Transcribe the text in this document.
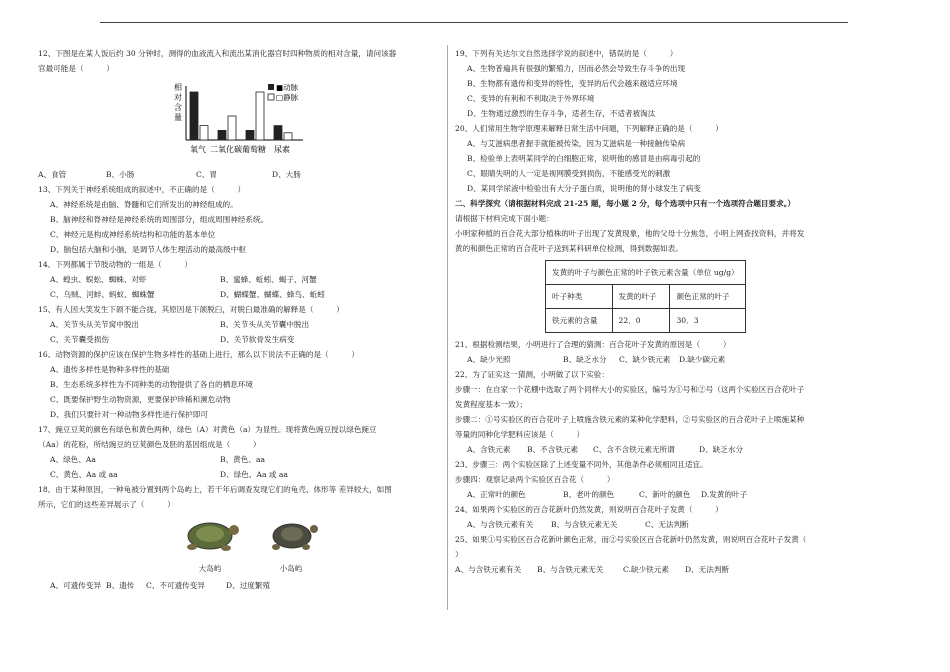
12、下图是在某人饭后约 30 分钟时，测得的血液流入和流出某消化器官时四种物质的相对含量，请问该器
官最可能是（　　　）
相
对
含
量
氧气 二氧化碳 葡萄糖 尿素
■动脉
□静脉
A、食管	B、小肠	C、胃	D、大肠
13、下列关于神经系统组成的叙述中，不正确的是（　　　）
A、神经系统是由脑、脊髓和它们所发出的神经组成的。
B、脑神经和脊神经是神经系统的周围部分，组成周围神经系统。
C、神经元是构成神经系统结构和功能的基本单位
D、脑包括大脑和小脑，是调节人体生理活动的最高级中枢
14、下列都属于节肢动物的一组是（　　　）
A、蝗虫、蜈蚣、蜘蛛、对虾	B、蜜蜂、蚯蚓、蝎子、河蟹
C、乌贼、河蚌、蚂蚁、蜘蛛蟹	D、蝴蝶蟹、蝴蝶、蜂鸟、蚯蚓
15、有人因大笑发生下颌不能合拢，其原因是下颌脱臼，对脱臼最准确的解释是（　　　）
A、关节头从关节窝中脱出	B、关节头从关节囊中脱出
C、关节囊受损伤	D、关节软骨发生病变
16、动物资源的保护应该在保护生物多样性的基础上进行，那么以下说法不正确的是（　　　）
A、遗传多样性是物种多样性的基础
B、生态系统多样性为不同种类的动物提供了各自的栖息环境
C、既要保护野生动物资源，更要保护珍稀和濒危动物
D、我们只要针对一种动物多样性进行保护即可
17、豌豆豆荚的颜色有绿色和黄色两种，绿色（A）对黄色（a）为显性。现将黄色豌豆授以绿色豌豆
（Aa）的花粉，所结豌豆的豆荚颜色及胚的基因组成是（　　　）
A、绿色、Aa	B、黄色、aa
C、黄色、Aa 或 aa	D、绿色、Aa 或 aa
18、由于某种原因，一种龟被分置到两个岛屿上，若干年后调查发现它们的龟壳、体形等 差异较大，如图
所示，它们的这些差异展示了（　　　）
大岛屿	小岛屿
A、可遗传变异 B、遗传	C、不可遗传变异	D、过度繁殖
19、下列有关达尔文自然选择学说的叙述中，错误的是（　　　）
A、生物普遍具有很强的繁殖力，因而必然会导致生存斗争的出现
B、生物都有遗传和变异的特性，变异的后代会越来越适应环境
C、变异的有利和不利取决于外界环境
D、生物通过激烈的生存斗争，适者生存，不适者被淘汰
20、人们常用生物学原理来解释日常生活中问题，下列解释正确的是（　　　）
A、与艾滋病患者握手就能被传染，因为艾滋病是一种接触传染病
B、检验单上表明某同学的白细胞正常，说明他的感冒是由病毒引起的
C、眼睛失明的人一定是视网膜受到损伤，不能感受光的刺激
D、某同学尿液中检验出有大分子蛋白质，说明他的肾小球发生了病变
二、科学探究（请根据材料完成 21-25 题，每小题 2 分，每个选项中只有一个选项符合题目要求。）
请根据下材料完成下面小题：
小明家种植的百合花大部分植株的叶子出现了发黄现象，他的父母十分焦急，小明上网查找资料，并将发
黄的和颜色正常的百合花叶子送到某科研单位检测，得到数据如表。
发黄的叶子与颜色正常的叶子铁元素含量（单位 ug/g）		
叶子种类	发黄的叶子	颜色正常的叶子
铁元素的含量	22．0	30．3
21、根据检测结果，小明进行了合理的猜测：百合花叶子发黄的原因是（　　　）
A、缺少光照	B、缺乏水分	C、缺少铁元素	D.缺少碳元素
22、为了证实这一猜测，小明做了以下实验：
步骤一：在自家一个花棚中选取了两个同样大小的实验区，编号为①号和②号（这两个实验区百合花叶子
发黄程度基本一致）；
步骤二：①号实验区的百合花叶子上喷施含铁元素的某种化学肥料，②号实验区的百合花叶子上喷施某种
等量的同种化学肥料应该是（　　　）
A、含铁元素	B、不含铁元素	C、含不含铁元素无所谓	D、缺乏水分
23、步骤三：两个实验区除了上述变量不同外，其他条件必须相同且适宜。
步骤四：观察记录两个实验区百合花（　　　）
A、正常叶的颜色	B、老叶的颜色	C、新叶的颜色	D.发黄的叶子
24、如果两个实验区的百合花新叶仍然发黄，则说明百合花叶子发黄（　　　）
A、与含铁元素有关	B、与含铁元素无关	C、无法判断
25、如果①号实验区百合花新叶颜色正常，而②号实验区百合花新叶仍然发黄，则说明百合花叶子发黄（
）
A、与含铁元素有关	B、与含铁元素无关	C.缺少铁元素	D、无法判断
